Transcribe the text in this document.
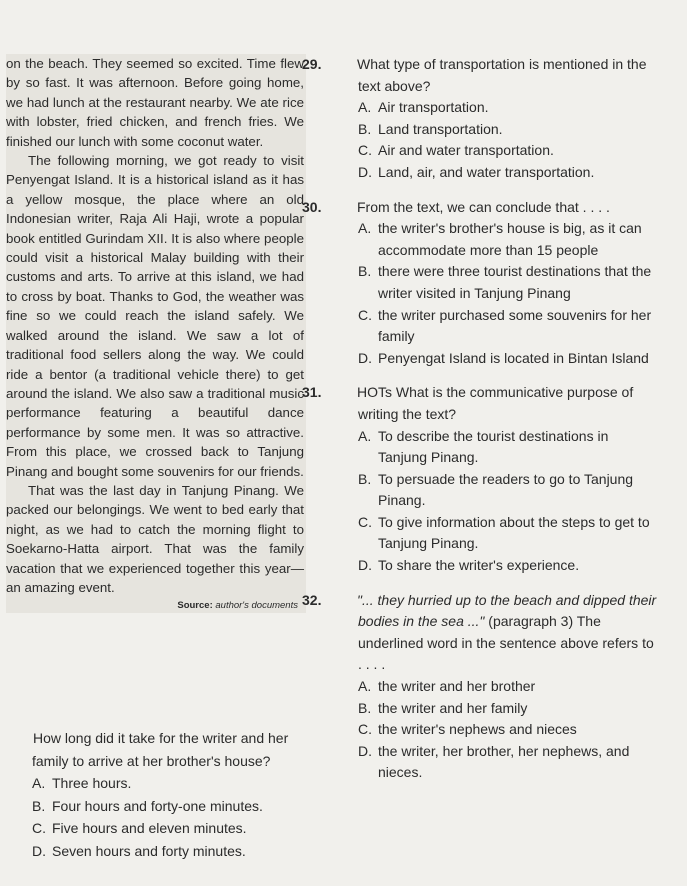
on the beach. They seemed so excited. Time flew by so fast. It was afternoon. Before going home, we had lunch at the restaurant nearby. We ate rice with lobster, fried chicken, and french fries. We finished our lunch with some coconut water.

The following morning, we got ready to visit Penyengat Island. It is a historical island as it has a yellow mosque, the place where an old Indonesian writer, Raja Ali Haji, wrote a popular book entitled Gurindam XII. It is also where people could visit a historical Malay building with their customs and arts. To arrive at this island, we had to cross by boat. Thanks to God, the weather was fine so we could reach the island safely. We walked around the island. We saw a lot of traditional food sellers along the way. We could ride a bentor (a traditional vehicle there) to get around the island. We also saw a traditional music performance featuring a beautiful dance performance by some men. It was so attractive. From this place, we crossed back to Tanjung Pinang and bought some souvenirs for our friends.

That was the last day in Tanjung Pinang. We packed our belongings. We went to bed early that night, as we had to catch the morning flight to Soekarno-Hatta airport. That was the family vacation that we experienced together this year—an amazing event.

Source: author's documents
How long did it take for the writer and her family to arrive at her brother's house?
A. Three hours.
B. Four hours and forty-one minutes.
C. Five hours and eleven minutes.
D. Seven hours and forty minutes.
29.	What type of transportation is mentioned in the text above?
A. Air transportation.
B. Land transportation.
C. Air and water transportation.
D. Land, air, and water transportation.
30.	From the text, we can conclude that . . . .
A. the writer's brother's house is big, as it can accommodate more than 15 people
B. there were three tourist destinations that the writer visited in Tanjung Pinang
C. the writer purchased some souvenirs for her family
D. Penyengat Island is located in Bintan Island
31.	HOTs What is the communicative purpose of writing the text?
A. To describe the tourist destinations in Tanjung Pinang.
B. To persuade the readers to go to Tanjung Pinang.
C. To give information about the steps to get to Tanjung Pinang.
D. To share the writer's experience.
32.	"... they hurried up to the beach and dipped their bodies in the sea ..." (paragraph 3) The underlined word in the sentence above refers to . . . .
A. the writer and her brother
B. the writer and her family
C. the writer's nephews and nieces
D. the writer, her brother, her nephews, and nieces.
